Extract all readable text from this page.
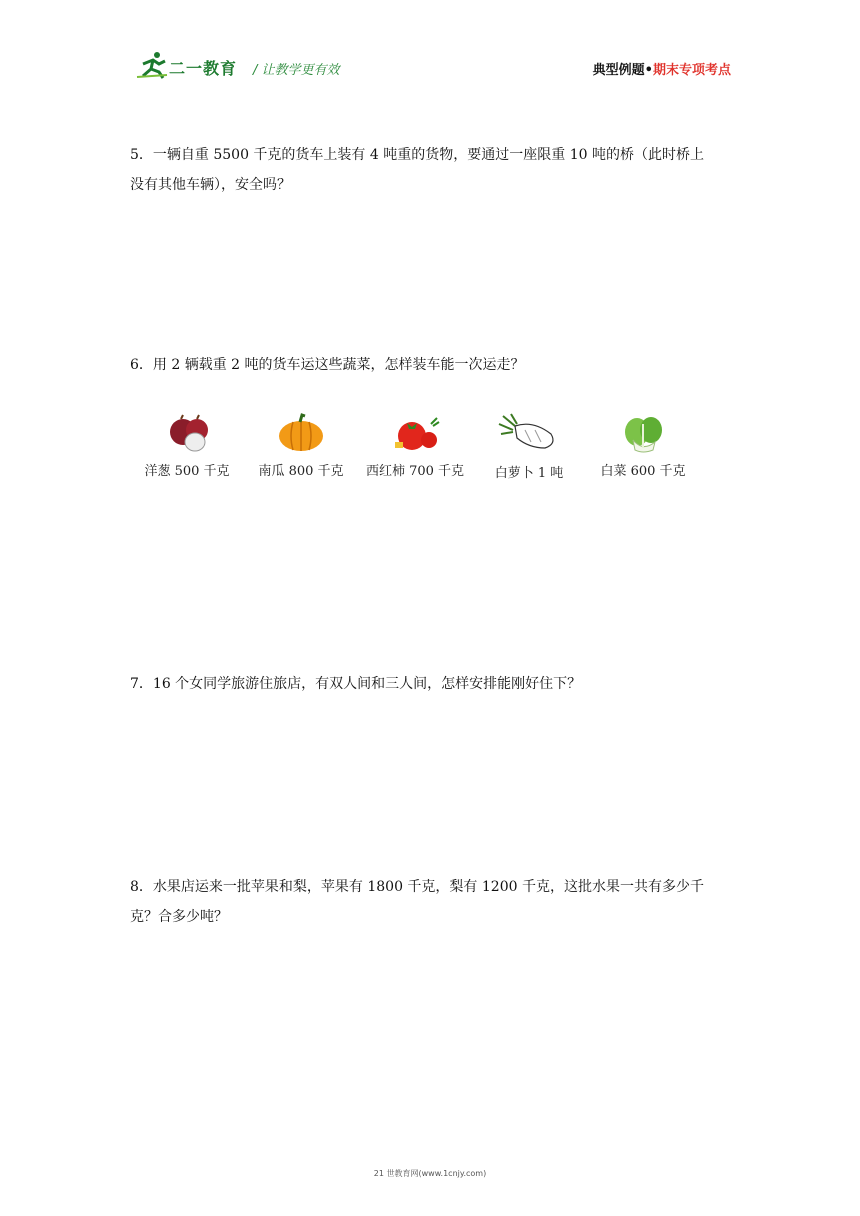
二一教育 / 让教学更有效	典型例题•期末专项考点

5．一辆自重 5500 千克的货车上装有 4 吨重的货物，要通过一座限重 10 吨的桥（此时桥上

没有其他车辆），安全吗？

6．用 2 辆载重 2 吨的货车运这些蔬菜，怎样装车能一次运走？

洋葱 500 千克	南瓜 800 千克	西红柿 700 千克	白萝卜 1 吨	白菜 600 千克

7．16 个女同学旅游住旅店，有双人间和三人间，怎样安排能刚好住下？

8．水果店运来一批苹果和梨，苹果有 1800 千克，梨有 1200 千克，这批水果一共有多少千

克？合多少吨？

21 世教育网(www.1cnjy.com)
